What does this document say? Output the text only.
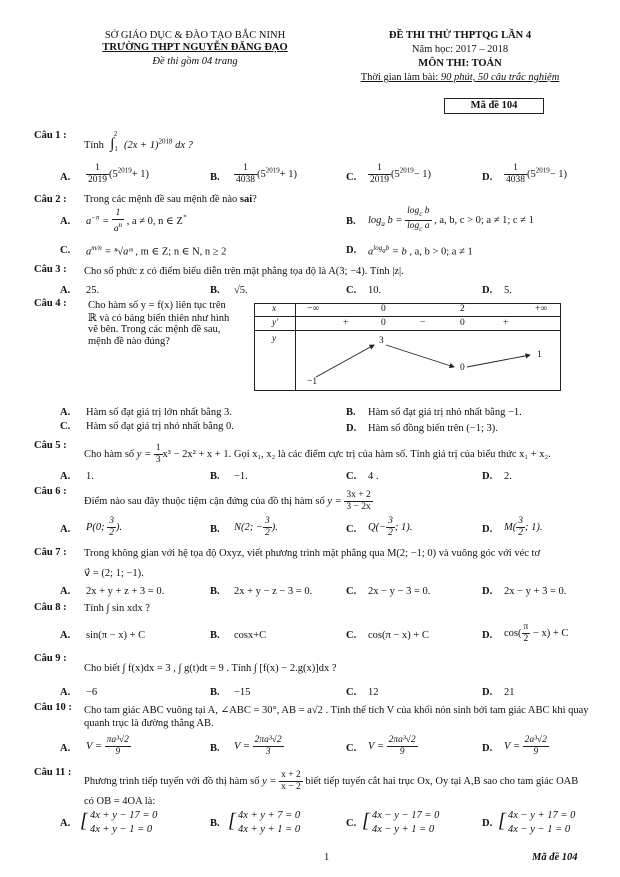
SỞ GIÁO DỤC & ĐÀO TẠO BẮC NINH
TRƯỜNG THPT NGUYỄN ĐĂNG ĐẠO
Đề thi gồm 04 trang
ĐỀ THI THỬ THPTQG LẦN 4
Năm học: 2017 – 2018
MÔN THI: TOÁN
Thời gian làm bài: 90 phút, 50 câu trắc nghiệm
Mã đề 104
Câu 1 :
Tính  $\int_1^2$ $(2x + 1)^{2018}$ dx ?
A. $\frac{1}{2019} (5^{2019}+ 1)$	B. $\frac{1}{4038} (5^{2019}+ 1)$	C. $\frac{1}{2019} (5^{2019}- 1)$	D. $\frac{1}{4038} (5^{2019}- 1)$
Câu 2 : Trong các mệnh đề sau mệnh đề nào sai?
A. $a^{-n} = \frac{1}{a^n}$ , a ≠ 0, n ∈ Z*	B. $\log_a b = \frac{\log_c b}{\log_c a}$ , a, b, c > 0; a ≠ 1; c ≠ 1
C. $a^{m/n}$ = ⁿ√aᵐ , m ∈ Z; n ∈ N, n ≥ 2	D. $a^{log_ab} = b$ , a, b > 0; a ≠ 1
Câu 3 : Cho số phức z có điểm biểu diễn trên mặt phẳng tọa độ là A(3; −4). Tính |z|.
A. 25.	B. √5.	C. 10.	D. 5.
Câu 4 : Cho hàm số y = f(x) liên tục trên
ℝ và có bảng biến thiên như hình
vẽ bên. Trong các mệnh đề sau,
mệnh đề nào đúng?
x	−∞	0	2	+∞
y'	+	0	−	0	+
y	3
−1
0
1
A. Hàm số đạt giá trị lớn nhất bằng 3.	B. Hàm số đạt giá trị nhỏ nhất bằng −1.
C. Hàm số đạt giá trị nhỏ nhất bằng 0.	D. Hàm số đồng biến trên (−1; 3).
Câu 5 :
Cho hàm số $y = \frac{1}{3} x^3 - 2x^2 + x + 1$. Gọi x₁, x₂ là các điểm cực trị của hàm số. Tính giá trị của biểu thức x₁ + x₂.
A. 1.	B. −1.	C. 4 .	D. 2.
Câu 6 :
Điểm nào sau đây thuộc tiệm cận đứng của đồ thị hàm số $y = \frac{3x + 2}{3 - 2x}$
A. P(0; $\frac{3}{2}$ ).	B. N(2; − $\frac{3}{2}$ ).	C. $Q(- \frac{3}{2}$ ; 1).	D. $M( \frac{3}{2}$ ; 1).
Câu 7 : Trong không gian với hệ tọa độ Oxyz, viết phương trình mặt phẳng qua M(2; −1; 0) và vuông góc với véc tơ
v⃗ = (2; 1; −1).
A. 2x + y + z + 3 = 0.	B. 2x + y − z − 3 = 0.	C. 2x − y − 3 = 0.	D. 2x − y + 3 = 0.
Câu 8 : Tính ∫ sin xdx ?
A. sin(π − x) + C	B. cosx+C	C. cos(π − x) + C	D. $\cos( \frac{\pi}{2} - x) + C$
Câu 9 :
Cho biết ∫ f(x)dx = 3 , ∫ g(t)dt = 9 . Tính ∫ [f(x) − 2.g(x)]dx ?
A. −6	B. −15	C. 12	D. 21
Câu 10 : Cho tam giác ABC vuông tại A, ∠ABC = 30°, AB = a√2 . Tính thể tích V của khối nón sinh bởi tam giác ABC khi quay
quanh trục là đường thẳng AB.
A. $V = \frac{\text{πa³√2}}{9}$	B. $V = \frac{\text{2πa³√2}}{3}$	C. $V = \frac{\text{2πa³√2}}{9}$	D. $V = \frac{\text{2a³√2}}{9}$
Câu 11 :
Phương trình tiếp tuyến với đồ thị hàm số $y = \frac{x + 2}{x - 2}$ biết tiếp tuyến cắt hai trục Ox, Oy tại A,B sao cho tam giác OAB
có OB = 4OA là:
A. [ 4x + y − 17 = 0
4x + y − 1 = 0
B. [ 4x + y + 7 = 0
4x + y + 1 = 0
C. [ 4x − y − 17 = 0
4x − y + 1 = 0
D. [ 4x − y + 17 = 0
4x − y − 1 = 0
1	Mã đề 104
